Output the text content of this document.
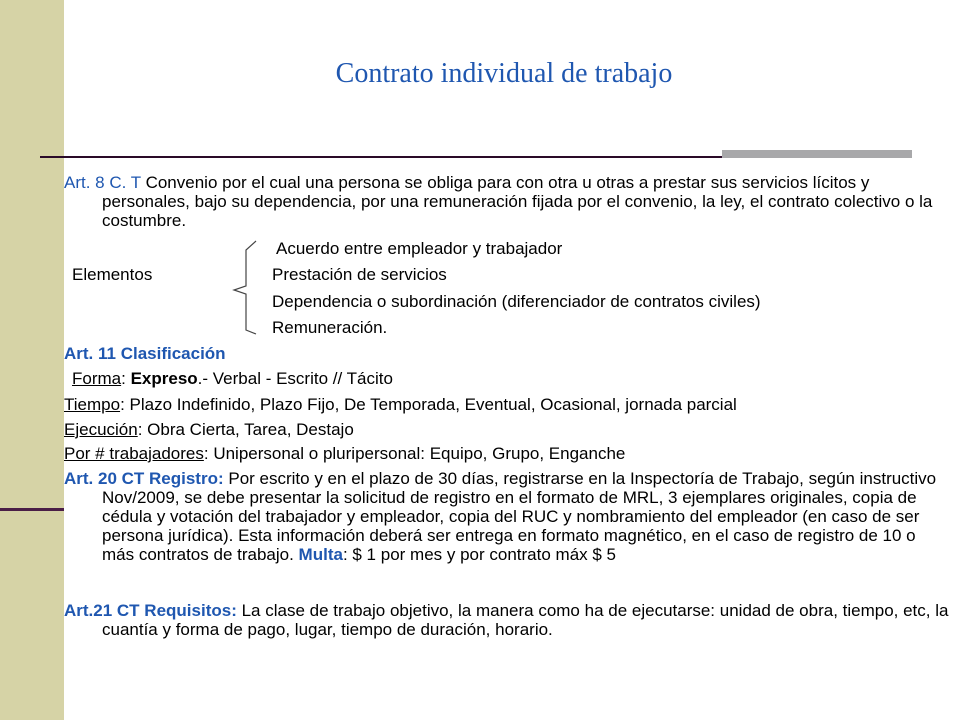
Contrato individual de trabajo
Art. 8 C. T Convenio por el cual una persona se obliga para con otra u otras a prestar sus servicios lícitos y personales, bajo su dependencia, por una remuneración fijada por el convenio, la ley, el contrato colectivo o la costumbre.
Acuerdo entre empleador y trabajador
Elementos	Prestación de servicios
Dependencia o subordinación (diferenciador de contratos civiles)
Remuneración.
Art. 11 Clasificación
Forma: Expreso.- Verbal - Escrito // Tácito
Tiempo: Plazo Indefinido, Plazo Fijo, De Temporada, Eventual, Ocasional, jornada parcial
Ejecución: Obra Cierta, Tarea, Destajo
Por # trabajadores: Unipersonal o pluripersonal: Equipo, Grupo, Enganche
Art. 20 CT Registro: Por escrito y en el plazo de 30 días, registrarse en la Inspectoría de Trabajo, según instructivo Nov/2009, se debe presentar la solicitud de registro en el formato de MRL, 3 ejemplares originales, copia de cédula y votación del trabajador y empleador, copia del RUC y nombramiento del empleador (en caso de ser persona jurídica). Esta información deberá ser entrega en formato magnético, en el caso de registro de 10 o más contratos de trabajo. Multa: $ 1 por mes y por contrato máx $ 5
Art.21 CT Requisitos: La clase de trabajo objetivo, la manera como ha de ejecutarse: unidad de obra, tiempo, etc, la cuantía y forma de pago, lugar, tiempo de duración, horario.
